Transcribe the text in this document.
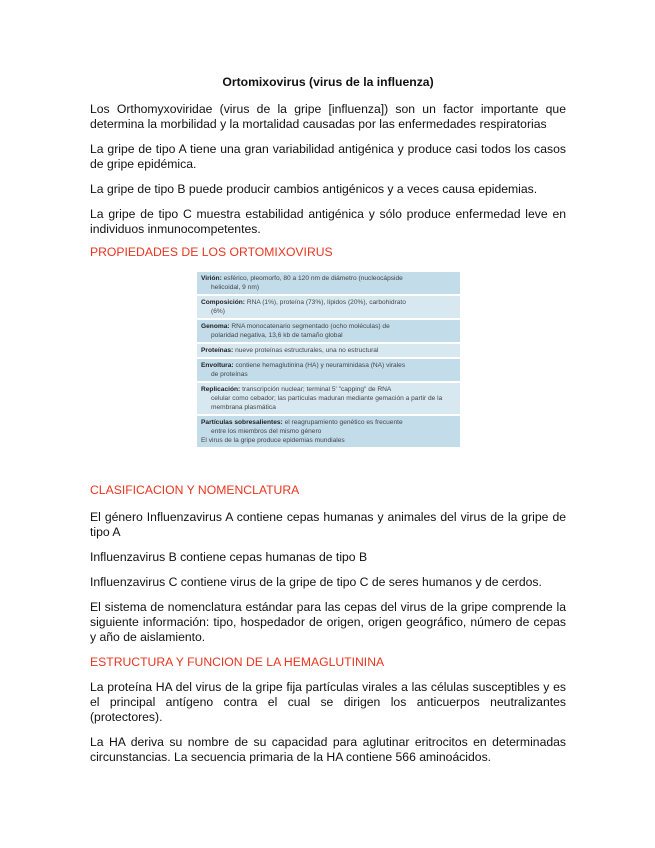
Ortomixovirus (virus de la influenza)

Los Orthomyxoviridae (virus de la gripe [influenza]) son un factor importante que determina la morbilidad y la mortalidad causadas por las enfermedades respiratorias

La gripe de tipo A tiene una gran variabilidad antigénica y produce casi todos los casos de gripe epidémica.

La gripe de tipo B puede producir cambios antigénicos y a veces causa epidemias.

La gripe de tipo C muestra estabilidad antigénica y sólo produce enfermedad leve en individuos inmunocompetentes.

PROPIEDADES DE LOS ORTOMIXOVIRUS
Virión: esférico, pleomorfo, 80 a 120 nm de diámetro (nucleocápside
helicoidal, 9 nm)
Composición: RNA (1%), proteína (73%), lípidos (20%), carbohidrato
(6%)
Genoma: RNA monocatenario segmentado (ocho moléculas) de
polaridad negativa, 13,6 kb de tamaño global
Proteínas: nueve proteínas estructurales, una no estructural
Envoltura: contiene hemaglutinina (HA) y neuraminidasa (NA) virales
de proteínas
Replicación: transcripción nuclear; terminal 5' "capping" de RNA
celular como cebador; las partículas maduran mediante gemación a partir de la membrana plasmática
Partículas sobresalientes: el reagrupamiento genético es frecuente
entre los miembros del mismo género
El virus de la gripe produce epidemias mundiales
CLASIFICACION Y NOMENCLATURA

El género Influenzavirus A contiene cepas humanas y animales del virus de la gripe de tipo A

Influenzavirus B contiene cepas humanas de tipo B

Influenzavirus C contiene virus de la gripe de tipo C de seres humanos y de cerdos.

El sistema de nomenclatura estándar para las cepas del virus de la gripe comprende la siguiente información: tipo, hospedador de origen, origen geográfico, número de cepas y año de aislamiento.

ESTRUCTURA Y FUNCION DE LA HEMAGLUTININA

La proteína HA del virus de la gripe fija partículas virales a las células susceptibles y es el principal antígeno contra el cual se dirigen los anticuerpos neutralizantes (protectores).

La HA deriva su nombre de su capacidad para aglutinar eritrocitos en determinadas circunstancias. La secuencia primaria de la HA contiene 566 aminoácidos.
